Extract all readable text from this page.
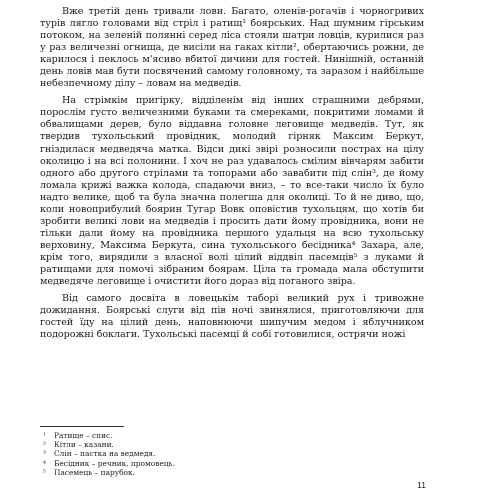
Вже третій день тривали лови. Багато, оленів-рогачів і чорногривих турів лягло головами від стріл і ратищ¹ боярських. Над шумним гірським потоком, на зеленій полянні серед ліса стояли шатри ловців, курилися раз у раз величезні огнища, де висіли на гаках кітли², обертаючись рожни, де карилося і пеклось м'ясиво вбитої дичини для гостей. Нинішній, останній день ловів мав бути посвячений самому головному, та заразом і найбільше небезпечному ділу – ловам на медведів.

На стрімкім пригірку, відділенім від інших страшними дебрями, порослім густо величезними буками та смереками, покритими ломами й обвалищами дерев, було віддавна головне леговище медведів. Тут, як твердив тухольський провідник, молодий гірняк Максим Беркут, гніздилася медведяча матка. Відси дикі звірі розносили пострах на цілу околицю і на всі полонини. І хоч не раз удавалось смілим вівчарям забити одного або другого стрілами та топорами або завабити під слін³, де йому ломала крижі важка колода, спадаючи вниз, – то все-таки число їх було надто велике, щоб та була значна полегша для околиці. То й не диво, що, коли новоприбулий боярин Тугар Вовк оповістив тухольцям, що хотів би зробити великі лови на медведів і просить дати йому провідника, вони не тільки дали йому на провідника першого удальця на всю тухольську верховину, Максима Беркута, сина тухольського бесідника⁴ Захара, але, крім того, вирядили з власної волі цілий віддвіл пасемців⁵ з луками й ратищами для помочі зібраним боярам. Ціла та громада мала обступити медведяче леговище і очистити його дораз від поганого звіра.

Від самого досвіта в ловецькім таборі великий рух і тривожне дожидання. Боярські слуги від пів ночі звинялися, приготовляючи для гостей їду на цілий день, наповнюючи шипучим медом і яблучником подорожні боклаги. Тухольські пасемці й собі готовилися, острячи ножі

¹ Ратище – спис.

² Кітли – казани.

³ Слін – пастка на ведмедя.

⁴ Бесідник – речник, промовець.

⁵ Пасемець – парубок.

11
